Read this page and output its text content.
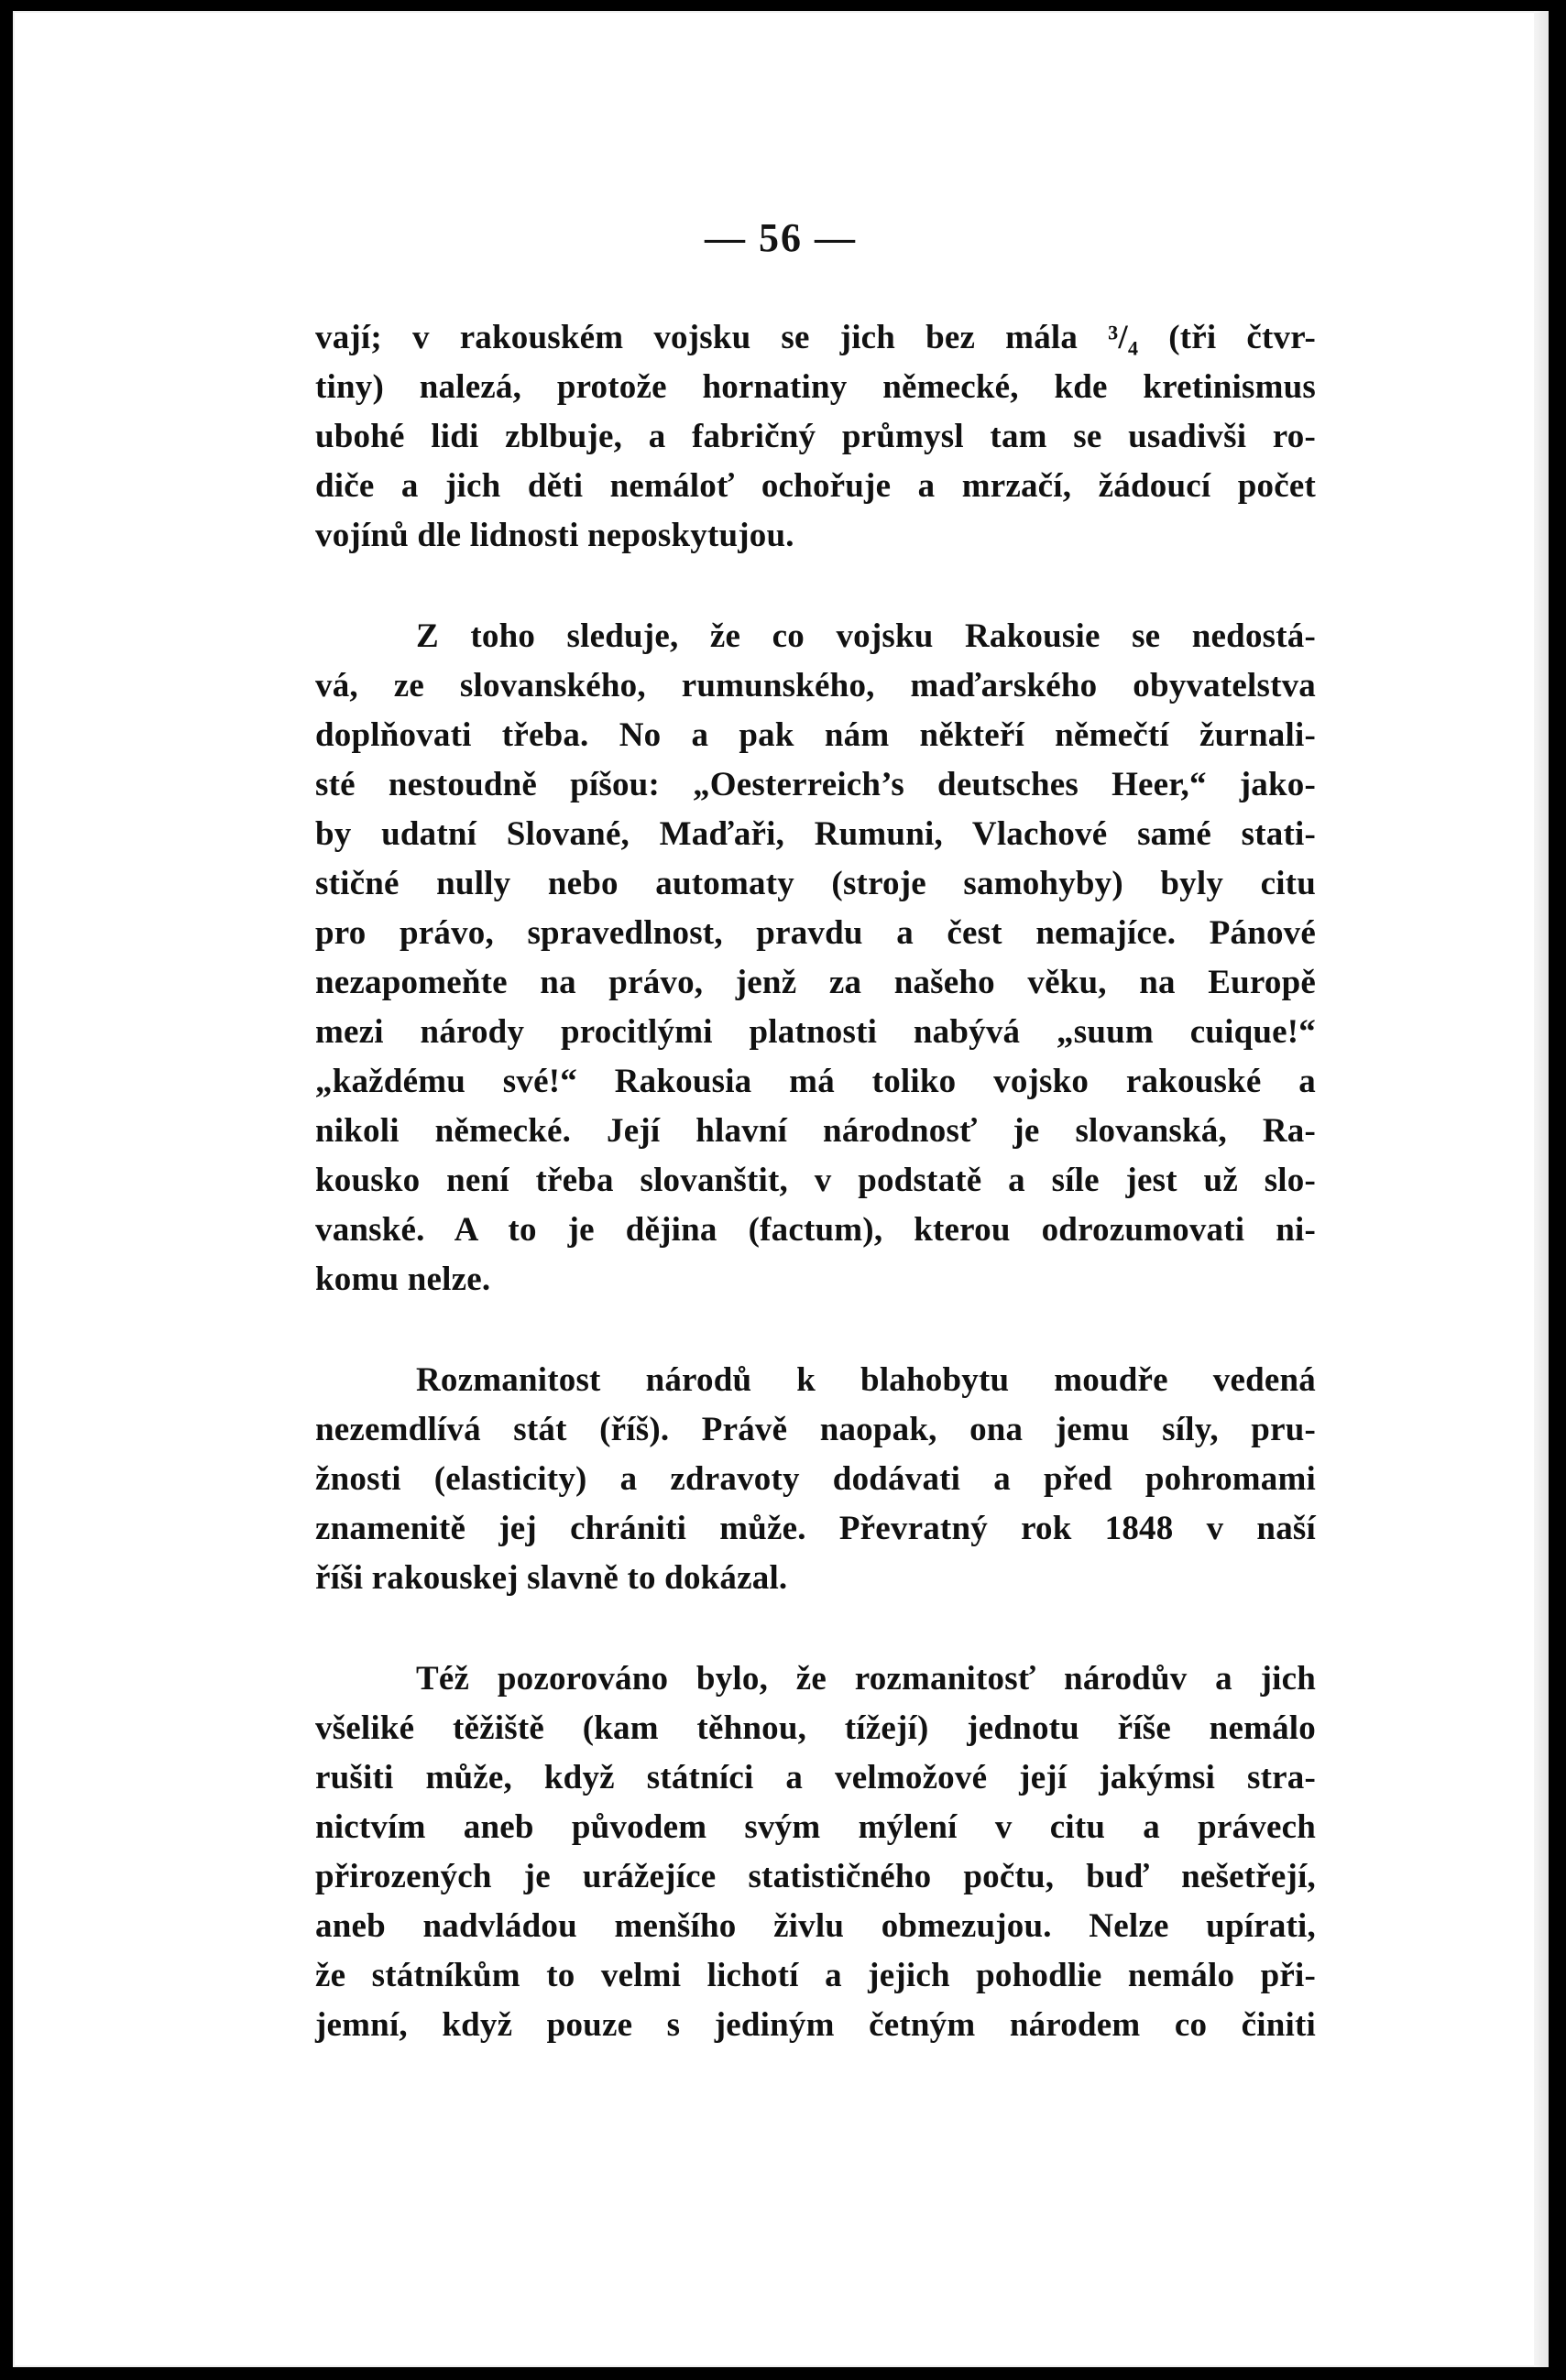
— 56 —
vají; v rakouském vojsku se jich bez mála ³/₄ (tři čtvr-
tiny) nalezá, protože hornatiny německé, kde kretinismus
ubohé lidi zblbuje, a fabričný průmysl tam se usadivši ro-
diče a jich děti nemáloť ochořuje a mrzačí, žádoucí počet
vojínů dle lidnosti neposkytujou.
Z toho sleduje, že co vojsku Rakousie se nedostá-
vá, ze slovanského, rumunského, maďarského obyvatelstva
doplňovati třeba. No a pak nám někteří němečtí žurnali-
sté nestoudně píšou: „Oesterreich’s deutsches Heer,“ jako-
by udatní Slované, Maďaři, Rumuni, Vlachové samé stati-
stičné nully nebo automaty (stroje samohyby) byly citu
pro právo, spravedlnost, pravdu a čest nemajíce. Pánové
nezapomeňte na právo, jenž za našeho věku, na Europě
mezi národy procitlými platnosti nabývá „suum cuique!“
„každému své!“ Rakousia má toliko vojsko rakouské a
nikoli německé. Její hlavní národnosť je slovanská, Ra-
kousko není třeba slovanštit, v podstatě a síle jest už slo-
vanské. A to je dějina (factum), kterou odrozumovati ni-
komu nelze.
Rozmanitost národů k blahobytu moudře vedená
nezemdlívá stát (říš). Právě naopak, ona jemu síly, pru-
žnosti (elasticity) a zdravoty dodávati a před pohromami
znamenitě jej chrániti může. Převratný rok 1848 v naší
říši rakouskej slavně to dokázal.
Též pozorováno bylo, že rozmanitosť národův a jich
všeliké těžiště (kam těhnou, tížejí) jednotu říše nemálo
rušiti může, když státníci a velmožové její jakýmsi stra-
nictvím aneb původem svým mýlení v citu a právech
přirozených je urážejíce statističného počtu, buď nešetřejí,
aneb nadvládou menšího živlu obmezujou. Nelze upírati,
že státníkům to velmi lichotí a jejich pohodlie nemálo při-
jemní, když pouze s jediným četným národem co činiti
